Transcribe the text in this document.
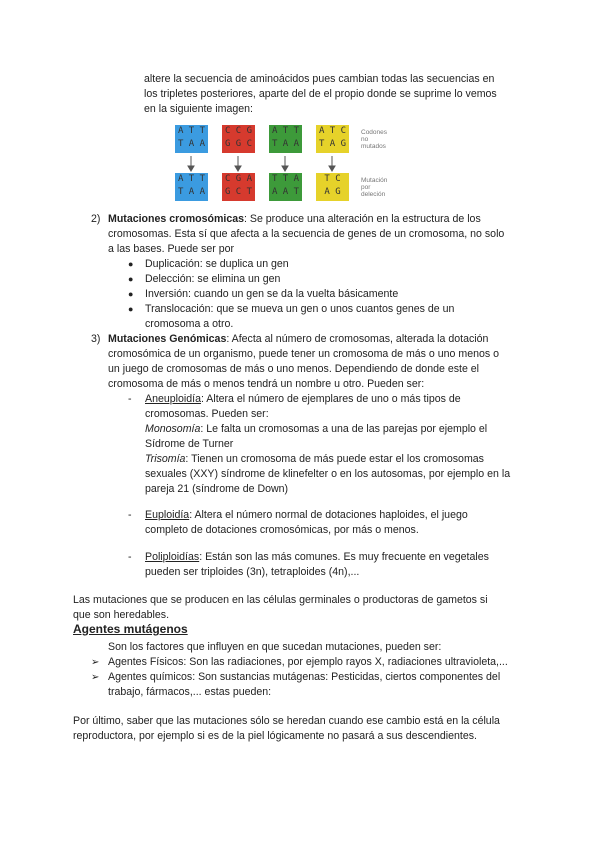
altere la secuencia de aminoácidos pues cambian todas las secuencias en

los tripletes posteriores, aparte del de el propio donde se suprime lo vemos

en la siguiente imagen:

A T T
T A A
C C G
G G C
A T T
T A A
A T C
T A G
A T T
T A A
C G A
G C T
T T A
A A T
T C
A G
Codones
no
mutados
Mutación
por
deleción
2) Mutaciones cromosómicas: Se produce una alteración en la estructura de los

cromosomas. Esta sí que afecta a la secuencia de genes de un cromosoma, no solo

a las bases. Puede ser por

● Duplicación: se duplica un gen

● Delección: se elimina un gen

● Inversión: cuando un gen se da la vuelta básicamente

● Translocación: que se mueva un gen o unos cuantos genes de un

cromosoma a otro.

3) Mutaciones Genómicas: Afecta al número de cromosomas, alterada la dotación

cromosómica de un organismo, puede tener un cromosoma de más o uno menos o

un juego de cromosomas de más o uno menos. Dependiendo de donde este el

cromosoma de más o menos tendrá un nombre u otro. Pueden ser:

- Aneuploidía: Altera el número de ejemplares de uno o más tipos de

cromosomas. Pueden ser:

Monosomía: Le falta un cromosomas a una de las parejas por ejemplo el

Sídrome de Turner

Trisomía: Tienen un cromosoma de más puede estar el los cromosomas

sexuales (XXY) síndrome de klinefelter o en los autosomas, por ejemplo en la

pareja 21 (síndrome de Down)

- Euploidía: Altera el número normal de dotaciones haploides, el juego

completo de dotaciones cromosómicas, por más o menos.

- Poliploidías: Están son las más comunes. Es muy frecuente en vegetales

pueden ser triploides (3n), tetraploides (4n),...

Las mutaciones que se producen en las células germinales o productoras de gametos si

que son heredables.

Agentes mutágenos

Son los factores que influyen en que sucedan mutaciones, pueden ser:

➢ Agentes Físicos: Son las radiaciones, por ejemplo rayos X, radiaciones ultravioleta,...

➢ Agentes químicos: Son sustancias mutágenas: Pesticidas, ciertos componentes del

trabajo, fármacos,... estas pueden:

Por último, saber que las mutaciones sólo se heredan cuando ese cambio está en la célula

reproductora, por ejemplo si es de la piel lógicamente no pasará a sus descendientes.
